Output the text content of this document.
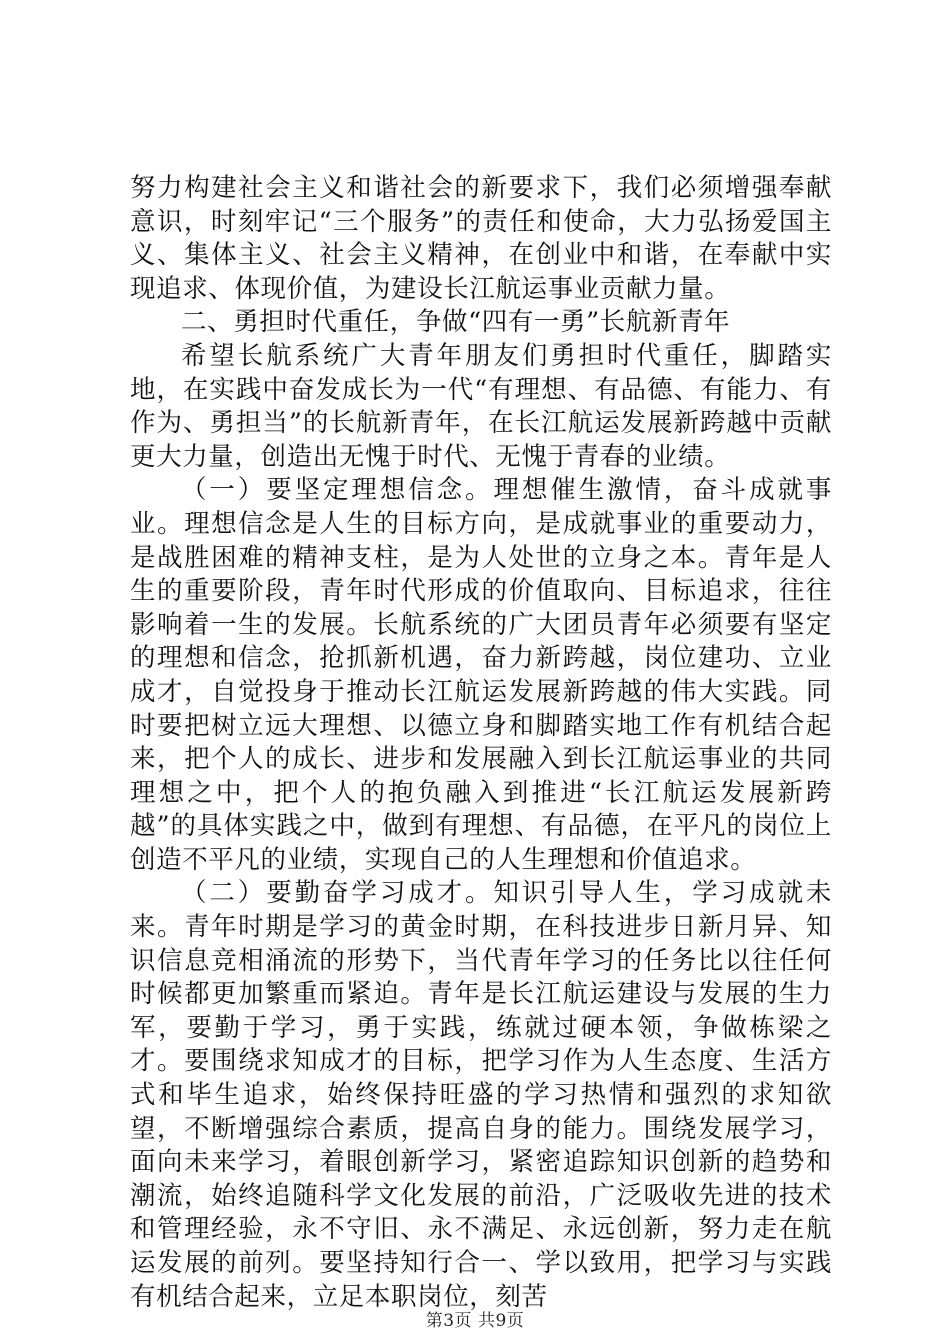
努力构建社会主义和谐社会的新要求下，我们必须增强奉献意识，时刻牢记“三个服务”的责任和使命，大力弘扬爱国主义、集体主义、社会主义精神，在创业中和谐，在奉献中实现追求、体现价值，为建设长江航运事业贡献力量。

二、勇担时代重任，争做“四有一勇”长航新青年

希望长航系统广大青年朋友们勇担时代重任，脚踏实地，在实践中奋发成长为一代“有理想、有品德、有能力、有作为、勇担当”的长航新青年，在长江航运发展新跨越中贡献更大力量，创造出无愧于时代、无愧于青春的业绩。

（一）要坚定理想信念。理想催生激情，奋斗成就事业。理想信念是人生的目标方向，是成就事业的重要动力，是战胜困难的精神支柱，是为人处世的立身之本。青年是人生的重要阶段，青年时代形成的价值取向、目标追求，往往影响着一生的发展。长航系统的广大团员青年必须要有坚定的理想和信念，抢抓新机遇，奋力新跨越，岗位建功、立业成才，自觉投身于推动长江航运发展新跨越的伟大实践。同时要把树立远大理想、以德立身和脚踏实地工作有机结合起来，把个人的成长、进步和发展融入到长江航运事业的共同理想之中，把个人的抱负融入到推进“长江航运发展新跨越”的具体实践之中，做到有理想、有品德，在平凡的岗位上创造不平凡的业绩，实现自己的人生理想和价值追求。

（二）要勤奋学习成才。知识引导人生，学习成就未来。青年时期是学习的黄金时期，在科技进步日新月异、知识信息竞相涌流的形势下，当代青年学习的任务比以往任何时候都更加繁重而紧迫。青年是长江航运建设与发展的生力军，要勤于学习，勇于实践，练就过硬本领，争做栋梁之才。要围绕求知成才的目标，把学习作为人生态度、生活方式和毕生追求，始终保持旺盛的学习热情和强烈的求知欲望，不断增强综合素质，提高自身的能力。围绕发展学习，面向未来学习，着眼创新学习，紧密追踪知识创新的趋势和潮流，始终追随科学文化发展的前沿，广泛吸收先进的技术和管理经验，永不守旧、永不满足、永远创新，努力走在航运发展的前列。要坚持知行合一、学以致用，把学习与实践有机结合起来，立足本职岗位，刻苦

第3页 共9页
